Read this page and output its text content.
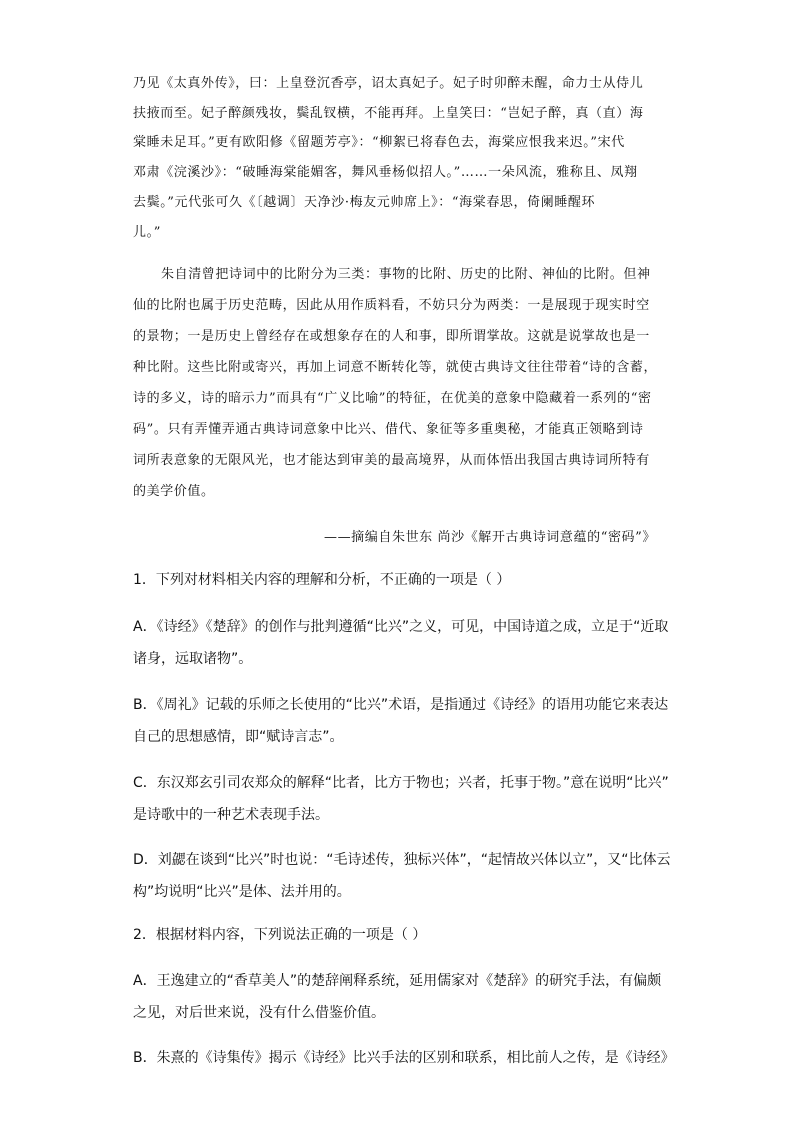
乃见《太真外传》，曰：上皇登沉香亭，诏太真妃子。妃子时卯醉未醒，命力士从侍儿
扶掖而至。妃子醉颜残妆，鬓乱钗横，不能再拜。上皇笑曰：“岂妃子醉，真（直）海
棠睡未足耳。”更有欧阳修《留题芳亭》：“柳絮已将春色去，海棠应恨我来迟。”宋代
邓肃《浣溪沙》：“破睡海棠能媚客，舞风垂杨似招人。”……一朵风流，雅称且、凤翔
去鬓。”元代张可久《〔越调〕天净沙·梅友元帅席上》：“海棠春思，倚阑睡醒环
儿。”
朱自清曾把诗词中的比附分为三类：事物的比附、历史的比附、神仙的比附。但神
仙的比附也属于历史范畴，因此从用作质料看，不妨只分为两类：一是展现于现实时空
的景物；一是历史上曾经存在或想象存在的人和事，即所谓掌故。这就是说掌故也是一
种比附。这些比附或寄兴，再加上词意不断转化等，就使古典诗文往往带着“诗的含蓄，
诗的多义，诗的暗示力”而具有“广义比喻”的特征，在优美的意象中隐藏着一系列的“密
码”。只有弄懂弄通古典诗词意象中比兴、借代、象征等多重奥秘，才能真正领略到诗
词所表意象的无限风光，也才能达到审美的最高境界，从而体悟出我国古典诗词所特有
的美学价值。
——摘编自朱世东 尚沙《解开古典诗词意蕴的“密码”》
1．下列对材料相关内容的理解和分析，不正确的一项是（ ）
A．《诗经》《楚辞》的创作与批判遵循“比兴”之义，可见，中国诗道之成，立足于“近取
诸身，远取诸物”。
B．《周礼》记载的乐师之长使用的“比兴”术语，是指通过《诗经》的语用功能它来表达
自己的思想感情，即“赋诗言志”。
C．东汉郑玄引司农郑众的解释“比者，比方于物也；兴者，托事于物。”意在说明“比兴”
是诗歌中的一种艺术表现手法。
D．刘勰在谈到“比兴”时也说：“毛诗述传，独标兴体”，“起情故兴体以立”，又“比体云
构”均说明“比兴”是体、法并用的。
2．根据材料内容，下列说法正确的一项是（ ）
A．王逸建立的“香草美人”的楚辞阐释系统，延用儒家对《楚辞》的研究手法，有偏颇
之见，对后世来说，没有什么借鉴价值。
B．朱熹的《诗集传》揭示《诗经》比兴手法的区别和联系，相比前人之传，是《诗经》
